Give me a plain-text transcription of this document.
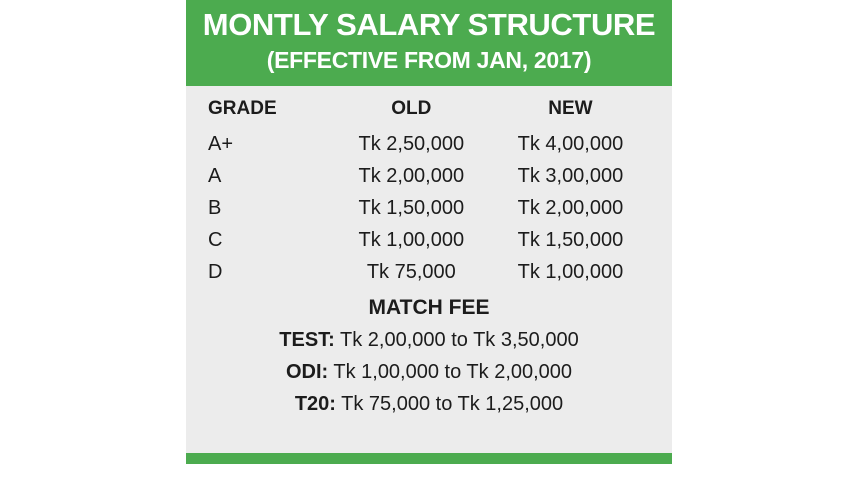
MONTLY SALARY STRUCTURE
(EFFECTIVE FROM JAN, 2017)
GRADE	OLD	NEW
A+	Tk 2,50,000	Tk 4,00,000
A	Tk 2,00,000	Tk 3,00,000
B	Tk 1,50,000	Tk 2,00,000
C	Tk 1,00,000	Tk 1,50,000
D	Tk 75,000	Tk 1,00,000
MATCH FEE
TEST: Tk 2,00,000 to Tk 3,50,000
ODI: Tk 1,00,000 to Tk 2,00,000
T20: Tk 75,000 to Tk 1,25,000
